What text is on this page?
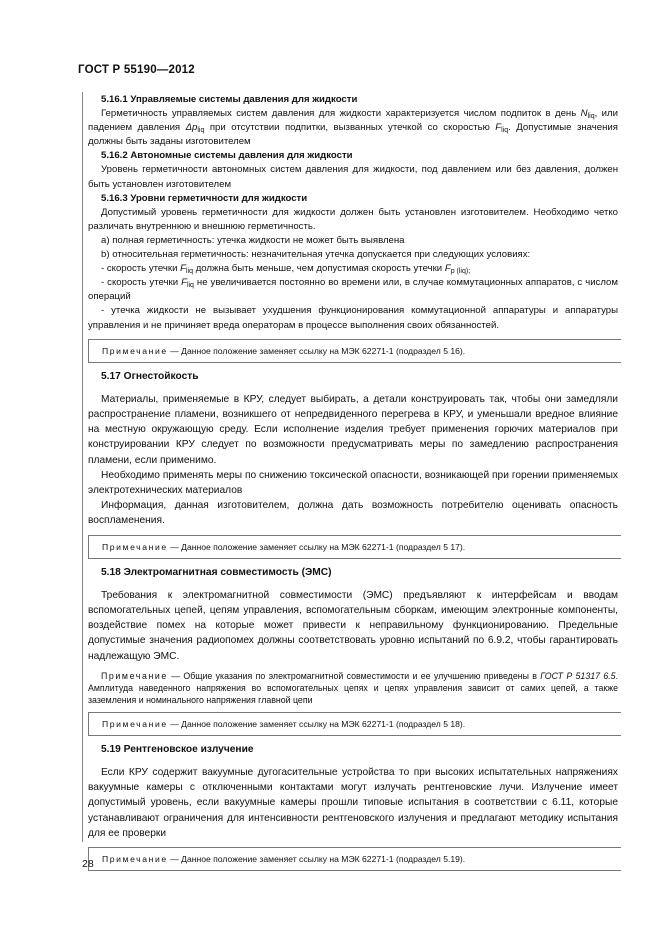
ГОСТ Р 55190—2012
5.16.1 Управляемые системы давления для жидкости
Герметичность управляемых систем давления для жидкости характеризуется числом подпиток в день $N_{liq}$, или падением давления $\Delta p_{liq}$ при отсутствии подпитки, вызванных утечкой со скоростью $F_{liq}$. Допустимые значения должны быть заданы изготовителем
5.16.2 Автономные системы давления для жидкости
Уровень герметичности автономных систем давления для жидкости, под давлением или без давления, должен быть установлен изготовителем
5.16.3 Уровни герметичности для жидкости
Допустимый уровень герметичности для жидкости должен быть установлен изготовителем. Необходимо четко различать внутреннюю и внешнюю герметичность.
a) полная герметичность: утечка жидкости не может быть выявлена
b) относительная герметичность: незначительная утечка допускается при следующих условиях:
- скорость утечки $F_{liq}$ должна быть меньше, чем допустимая скорость утечки $F_{p (liq);}$
- скорость утечки $F_{liq}$ не увеличивается постоянно во времени или, в случае коммутационных аппаратов, с числом операций
- утечка жидкости не вызывает ухудшения функционирования коммутационной аппаратуры и аппаратуры управления и не причиняет вреда операторам в процессе выполнения своих обязанностей.
Примечание — Данное положение заменяет ссылку на МЭК 62271-1 (подраздел 5 16).
5.17 Огнестойкость
Материалы, применяемые в КРУ, следует выбирать, а детали конструировать так, чтобы они замедляли распространение пламени, возникшего от непредвиденного перегрева в КРУ, и уменьшали вредное влияние на местную окружающую среду. Если исполнение изделия требует применения горючих материалов при конструировании КРУ следует по возможности предусматривать меры по замедлению распространения пламени, если применимо.
Необходимо применять меры по снижению токсической опасности, возникающей при горении применяемых электротехнических материалов
Информация, данная изготовителем, должна дать возможность потребителю оценивать опасность воспламенения.
Примечание — Данное положение заменяет ссылку на МЭК 62271-1 (подраздел 5 17).
5.18 Электромагнитная совместимость (ЭМС)
Требования к электромагнитной совместимости (ЭМС) предъявляют к интерфейсам и вводам вспомогательных цепей, цепям управления, вспомогательным сборкам, имеющим электронные компоненты, воздействие помех на которые может привести к неправильному функционированию. Предельные допустимые значения радиопомех должны соответствовать уровню испытаний по 6.9.2, чтобы гарантировать надлежащую ЭМС.
Примечание — Общие указания по электромагнитной совместимости и ее улучшению приведены в ГОСТ Р 51317 6.5. Амплитуда наведенного напряжения во вспомогательных цепях и цепях управления зависит от самих цепей, а также заземления и номинального напряжения главной цепи
Примечание — Данное положение заменяет ссылку на МЭК 62271-1 (подраздел 5 18).
5.19 Рентгеновское излучение
Если КРУ содержит вакуумные дугогасительные устройства то при высоких испытательных напряжениях вакуумные камеры с отключенными контактами могут излучать рентгеновские лучи. Излучение имеет допустимый уровень, если вакуумные камеры прошли типовые испытания в соответствии с 6.11, которые устанавливают ограничения для интенсивности рентгеновского излучения и предлагают методику испытания для ее проверки
Примечание — Данное положение заменяет ссылку на МЭК 62271-1 (подраздел 5.19).
28
